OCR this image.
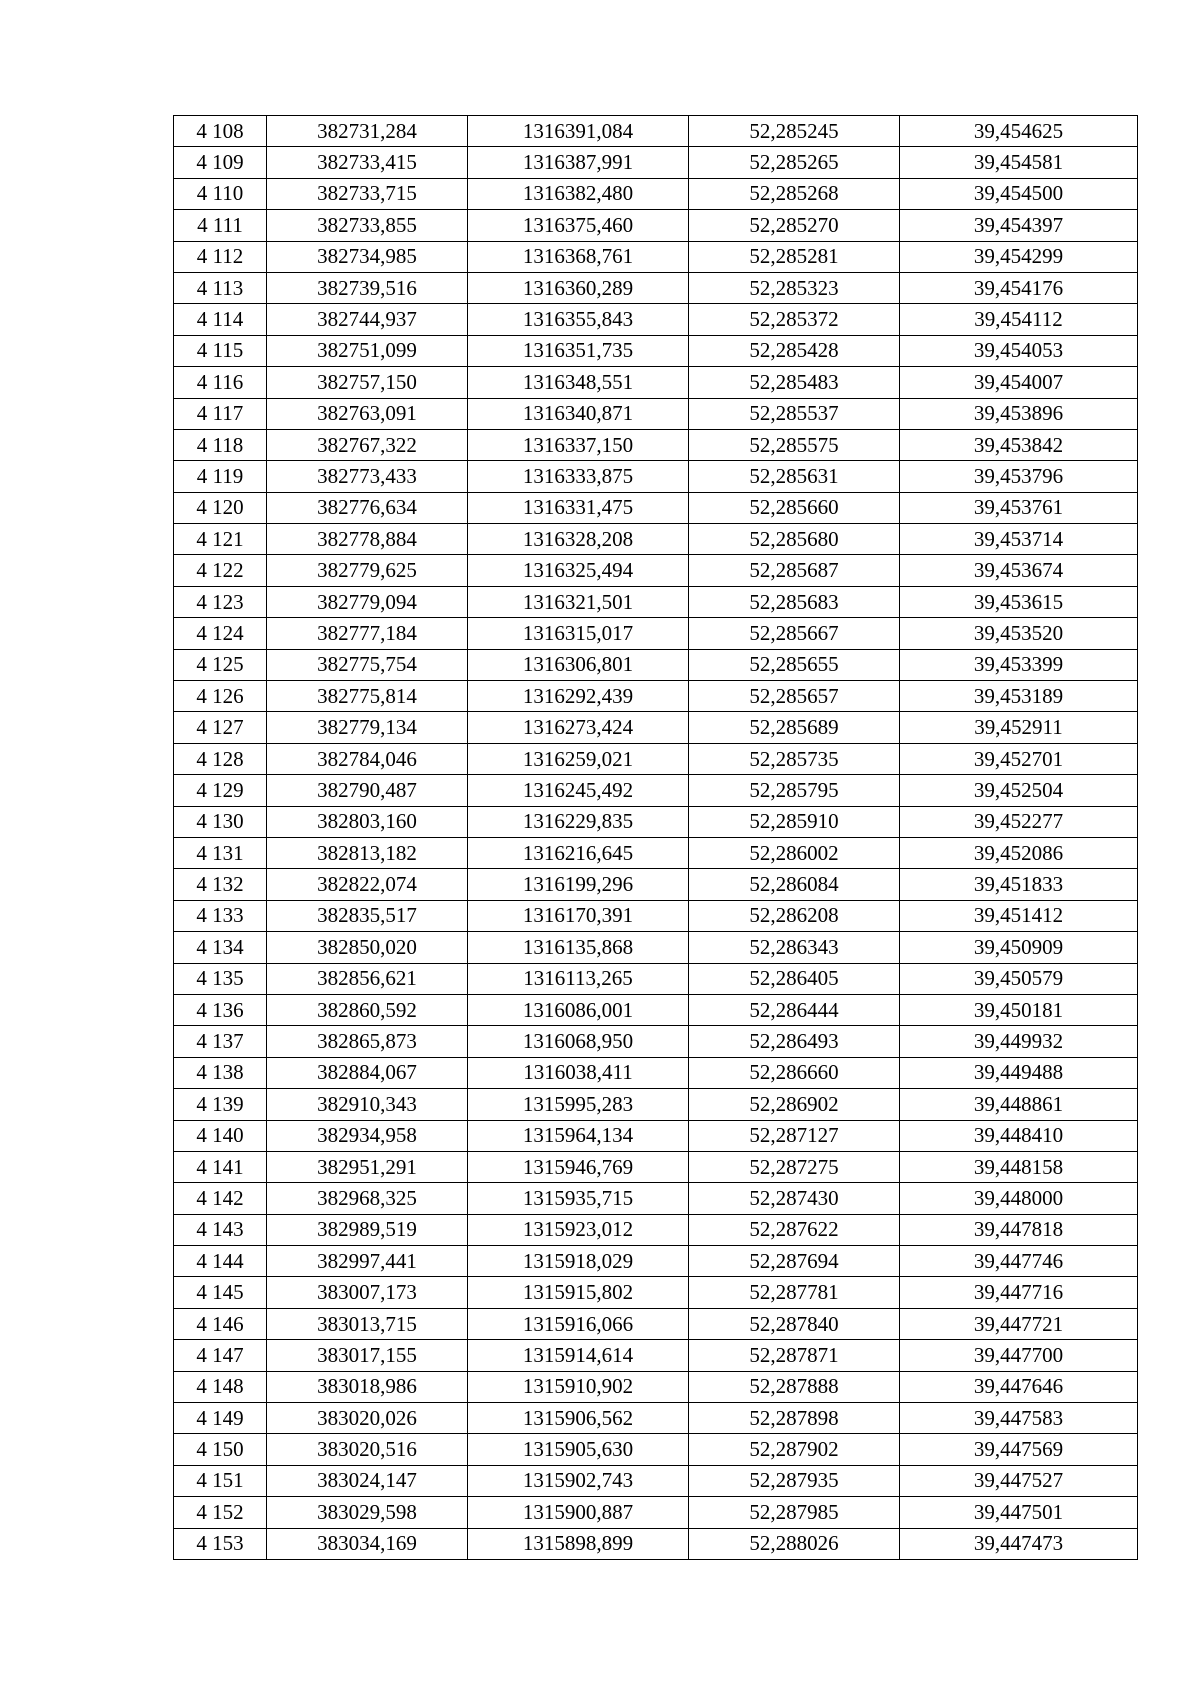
4 108	382731,284	1316391,084	52,285245	39,454625
4 109	382733,415	1316387,991	52,285265	39,454581
4 110	382733,715	1316382,480	52,285268	39,454500
4 111	382733,855	1316375,460	52,285270	39,454397
4 112	382734,985	1316368,761	52,285281	39,454299
4 113	382739,516	1316360,289	52,285323	39,454176
4 114	382744,937	1316355,843	52,285372	39,454112
4 115	382751,099	1316351,735	52,285428	39,454053
4 116	382757,150	1316348,551	52,285483	39,454007
4 117	382763,091	1316340,871	52,285537	39,453896
4 118	382767,322	1316337,150	52,285575	39,453842
4 119	382773,433	1316333,875	52,285631	39,453796
4 120	382776,634	1316331,475	52,285660	39,453761
4 121	382778,884	1316328,208	52,285680	39,453714
4 122	382779,625	1316325,494	52,285687	39,453674
4 123	382779,094	1316321,501	52,285683	39,453615
4 124	382777,184	1316315,017	52,285667	39,453520
4 125	382775,754	1316306,801	52,285655	39,453399
4 126	382775,814	1316292,439	52,285657	39,453189
4 127	382779,134	1316273,424	52,285689	39,452911
4 128	382784,046	1316259,021	52,285735	39,452701
4 129	382790,487	1316245,492	52,285795	39,452504
4 130	382803,160	1316229,835	52,285910	39,452277
4 131	382813,182	1316216,645	52,286002	39,452086
4 132	382822,074	1316199,296	52,286084	39,451833
4 133	382835,517	1316170,391	52,286208	39,451412
4 134	382850,020	1316135,868	52,286343	39,450909
4 135	382856,621	1316113,265	52,286405	39,450579
4 136	382860,592	1316086,001	52,286444	39,450181
4 137	382865,873	1316068,950	52,286493	39,449932
4 138	382884,067	1316038,411	52,286660	39,449488
4 139	382910,343	1315995,283	52,286902	39,448861
4 140	382934,958	1315964,134	52,287127	39,448410
4 141	382951,291	1315946,769	52,287275	39,448158
4 142	382968,325	1315935,715	52,287430	39,448000
4 143	382989,519	1315923,012	52,287622	39,447818
4 144	382997,441	1315918,029	52,287694	39,447746
4 145	383007,173	1315915,802	52,287781	39,447716
4 146	383013,715	1315916,066	52,287840	39,447721
4 147	383017,155	1315914,614	52,287871	39,447700
4 148	383018,986	1315910,902	52,287888	39,447646
4 149	383020,026	1315906,562	52,287898	39,447583
4 150	383020,516	1315905,630	52,287902	39,447569
4 151	383024,147	1315902,743	52,287935	39,447527
4 152	383029,598	1315900,887	52,287985	39,447501
4 153	383034,169	1315898,899	52,288026	39,447473
